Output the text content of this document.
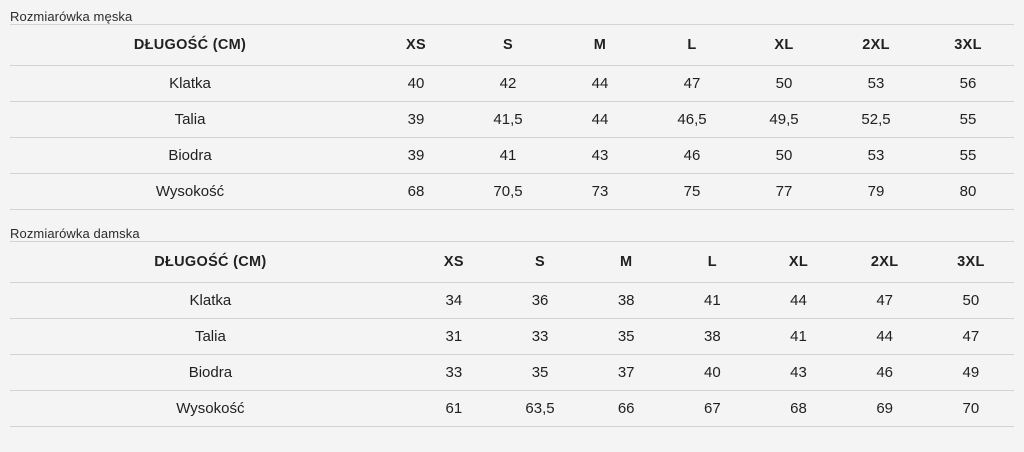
Rozmiarówka męska
DŁUGOŚĆ (CM)	XS	S	M	L	XL	2XL	3XL
Klatka	40	42	44	47	50	53	56
Talia	39	41,5	44	46,5	49,5	52,5	55
Biodra	39	41	43	46	50	53	55
Wysokość	68	70,5	73	75	77	79	80
Rozmiarówka damska
DŁUGOŚĆ (CM)	XS	S	M	L	XL	2XL	3XL
Klatka	34	36	38	41	44	47	50
Talia	31	33	35	38	41	44	47
Biodra	33	35	37	40	43	46	49
Wysokość	61	63,5	66	67	68	69	70
